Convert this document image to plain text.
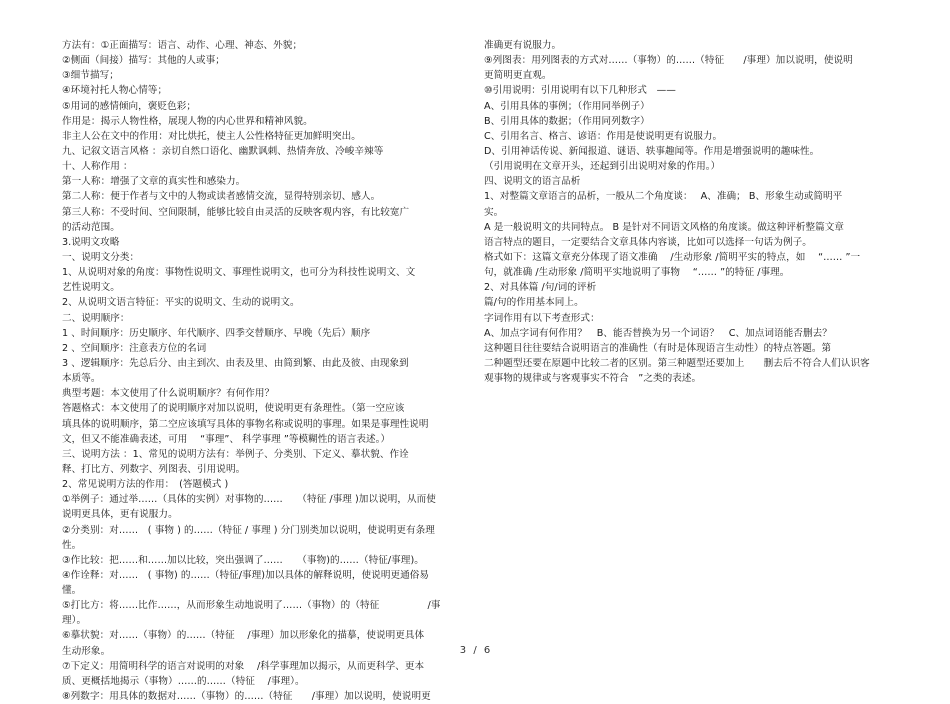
方法有：①正面描写：语言、动作、心理、神态、外貌；
②侧面（间接）描写：其他的人或事；
③细节描写；
④环境衬托人物心情等；
⑤用词的感情倾向，褒贬色彩；
作用是：揭示人物性格，展现人物的内心世界和精神风貌。
非主人公在文中的作用：对比烘托，使主人公性格特征更加鲜明突出。
九、记叙文语言风格 ：亲切自然口语化、幽默讽刺、热情奔放、冷峻辛辣等
十、人称作用 ：
第一人称：增强了文章的真实性和感染力。
第二人称：便于作者与文中的人物或读者感情交流，显得特别亲切、感人。
第三人称：不受时间、空间限制，能够比较自由灵活的反映客观内容，有比较宽广
的活动范围。
3.说明文攻略
一、说明文分类：
1、从说明对象的角度：事物性说明文、事理性说明文，也可分为科技性说明文、文
艺性说明文。
2、从说明文语言特征：平实的说明文、生动的说明文。
二、说明顺序：
1 、时间顺序：历史顺序、年代顺序、四季交替顺序、早晚（先后）顺序
2 、空间顺序：注意表方位的名词
3 、逻辑顺序：先总后分、由主到次、由表及里、由简到繁、由此及彼、由现象到
本质等。
典型考题：本文使用了什么说明顺序？有何作用？
答题格式：本文使用了的说明顺序对加以说明，使说明更有条理性。（第一空应该
填具体的说明顺序，第二空应该填写具体的事物名称或说明的事理。如果是事理性说明
文，但又不能准确表述，可用　 “事理”、 科学事理 ”等模糊性的语言表述。）
三、说明方法 ：1、常见的说明方法有：举例子、分类别、下定义、摹状貌、作诠
释、打比方、列数字、列图表、引用说明。
2、常见说明方法的作用：　(答题模式 )
①举例子：通过举……（具体的实例）对事物的……　　（特征 /事理 )加以说明，从而使
说明更具体，更有说服力。
②分类别：对……　( 事物 ) 的……（特征 / 事理 ) 分门别类加以说明，使说明更有条理
性。
③作比较：把……和……加以比较，突出强调了……　　（事物)的……（特征/事理)。
④作诠释：对……　( 事物) 的……（特征/事理)加以具体的解释说明，使说明更通俗易
懂。
⑤打比方：将……比作……，从而形象生动地说明了……（事物）的（特征　　　　　/事
理）。
⑥摹状貌：对……（事物）的……（特征　 /事理）加以形象化的描摹，使说明更具体
生动形象。
⑦下定义：用简明科学的语言对说明的对象　 /科学事理加以揭示，从而更科学、更本
质、更概括地揭示（事物）……的……（特征　 /事理）。
⑧列数字：用具体的数据对……（事物）的……（特征　　/事理）加以说明，使说明更
准确更有说服力。
⑨列图表：用列图表的方式对……（事物）的……（特征　　/事理）加以说明，使说明
更简明更直观。
⑩引用说明：引用说明有以下几种形式　——
A、引用具体的事例；（作用同举例子）
B、引用具体的数据；（作用同列数字）
C、引用名言、格言、谚语：作用是使说明更有说服力。
D、引用神话传说、新闻报道、谜语、轶事趣闻等。作用是增强说明的趣味性。
（引用说明在文章开头，还起到引出说明对象的作用。）
四、说明文的语言品析
1、对整篇文章语言的品析，一般从二个角度谈：　 A、准确； B、形象生动或简明平
实。
A 是一般说明文的共同特点。 B 是针对不同语文风格的角度谈。做这种评析整篇文章
语言特点的题目，一定要结合文章具体内容谈，比如可以选择一句话为例子。
格式如下：这篇文章充分体现了语文准确　 /生动形象 /简明平实的特点，如 　“…… ”一
句，就准确 /生动形象 /简明平实地说明了事物 　“…… ”的特征 /事理。
2、对具体篇 /句/词的评析
篇/句的作用基本同上。
字词作用有以下考查形式：
A、加点字词有何作用？　B、能否替换为另一个词语？　C、加点词语能否删去？
这种题目往往要结合说明语言的准确性（有时是体现语言生动性）的特点答题。第
二种题型还要在原题中比较二者的区别。第三种题型还要加上　　删去后不符合人们认识客
观事物的规律或与客观事实不符合　”之类的表述。
3 / 6
